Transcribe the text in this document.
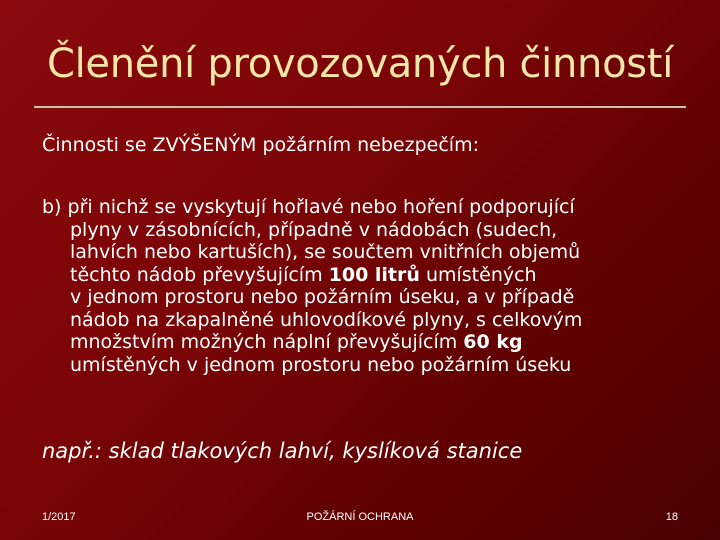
Členění provozovaných činností
Činnosti se ZVÝŠENÝM požárním nebezpečím:
b) při nichž se vyskytují hořlavé nebo hoření podporující
plyny v zásobnících, případně v nádobách (sudech,
lahvích nebo kartuších), se součtem vnitřních objemů
těchto nádob převyšujícím 100 litrů umístěných
v jednom prostoru nebo požárním úseku, a v případě
nádob na zkapalněné uhlovodíkové plyny, s celkovým
množstvím možných náplní převyšujícím 60 kg
umístěných v jednom prostoru nebo požárním úseku
např.: sklad tlakových lahví, kyslíková stanice
1/2017	POŽÁRNÍ OCHRANA	18
